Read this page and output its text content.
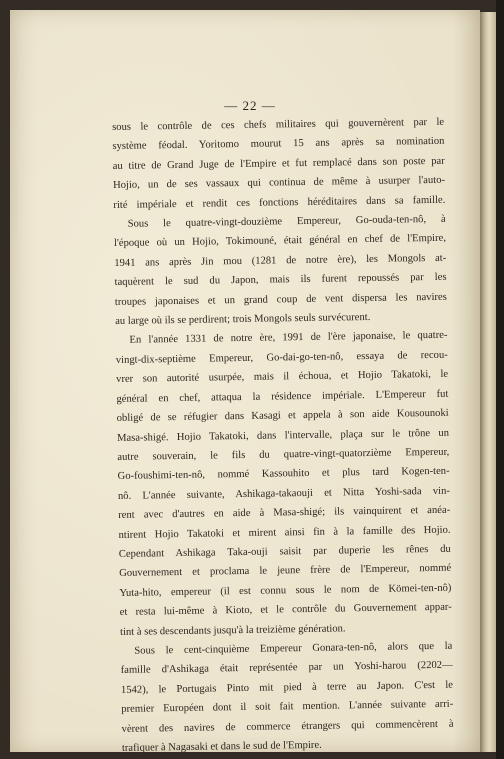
— 22 —
sous le contrôle de ces chefs militaires qui gouvernèrent par le
système féodal. Yoritomo mourut 15 ans après sa nomination
au titre de Grand Juge de l'Empire et fut remplacé dans son poste par
Hojio, un de ses vassaux qui continua de même à usurper l'auto-
rité impériale et rendit ces fonctions héréditaires dans sa famille.
Sous le quatre-vingt-douzième Empereur, Go-ouda-ten-nô, à
l'époque où un Hojio, Tokimouné, était général en chef de l'Empire,
1941 ans après Jin mou (1281 de notre ère), les Mongols at-
taquèrent le sud du Japon, mais ils furent repoussés par les
troupes japonaises et un grand coup de vent dispersa les navires
au large où ils se perdirent; trois Mongols seuls survécurent.
En l'année 1331 de notre ère, 1991 de l'ère japonaise, le quatre-
vingt-dix-septième Empereur, Go-dai-go-ten-nô, essaya de recou-
vrer son autorité usurpée, mais il échoua, et Hojio Takatoki, le
général en chef, attaqua la résidence impériale. L'Empereur fut
obligé de se réfugier dans Kasagi et appela à son aide Kousounoki
Masa-shigé. Hojio Takatoki, dans l'intervalle, plaça sur le trône un
autre souverain, le fils du quatre-vingt-quatorzième Empereur,
Go-foushimi-ten-nô, nommé Kassouhito et plus tard Kogen-ten-
nô. L'année suivante, Ashikaga-takaouji et Nitta Yoshi-sada vin-
rent avec d'autres en aide à Masa-shigé; ils vainquirent et anéa-
ntirent Hojio Takatoki et mirent ainsi fin à la famille des Hojio.
Cependant Ashikaga Taka-ouji saisit par duperie les rênes du
Gouvernement et proclama le jeune frère de l'Empereur, nommé
Yuta-hito, empereur (il est connu sous le nom de Kömei-ten-nô)
et resta lui-même à Kioto, et le contrôle du Gouvernement appar-
tint à ses descendants jusqu'à la treizième génération.
Sous le cent-cinquième Empereur Gonara-ten-nô, alors que la
famille d'Ashikaga était représentée par un Yoshi-harou (2202—
1542), le Portugais Pinto mit pied à terre au Japon. C'est le
premier Européen dont il soit fait mention. L'année suivante arri-
vèrent des navires de commerce étrangers qui commencèrent à
trafiquer à Nagasaki et dans le sud de l'Empire.
